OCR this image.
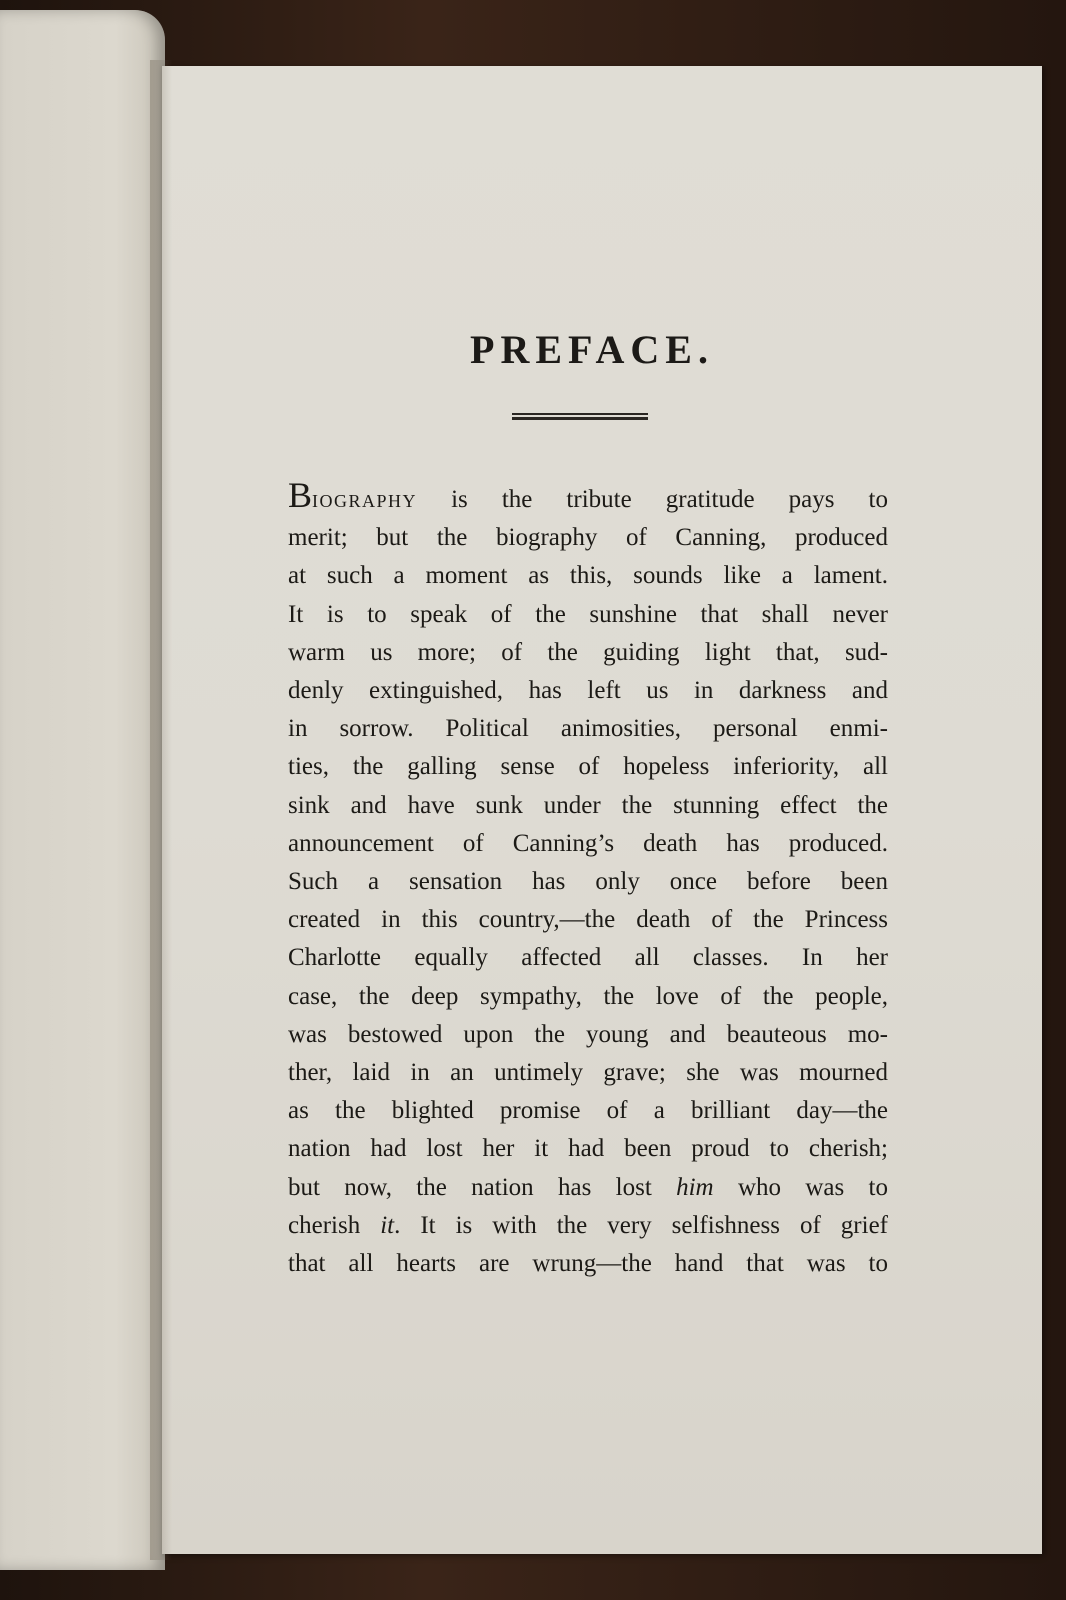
PREFACE.
Biography is the tribute gratitude pays to
merit; but the biography of Canning, produced
at such a moment as this, sounds like a lament.
It is to speak of the sunshine that shall never
warm us more; of the guiding light that, sud-
denly extinguished, has left us in darkness and
in sorrow. Political animosities, personal enmi-
ties, the galling sense of hopeless inferiority, all
sink and have sunk under the stunning effect the
announcement of Canning’s death has produced.
Such a sensation has only once before been
created in this country,—the death of the Princess
Charlotte equally affected all classes. In her
case, the deep sympathy, the love of the people,
was bestowed upon the young and beauteous mo-
ther, laid in an untimely grave; she was mourned
as the blighted promise of a brilliant day—the
nation had lost her it had been proud to cherish;
but now, the nation has lost him who was to
cherish it. It is with the very selfishness of grief
that all hearts are wrung—the hand that was to
